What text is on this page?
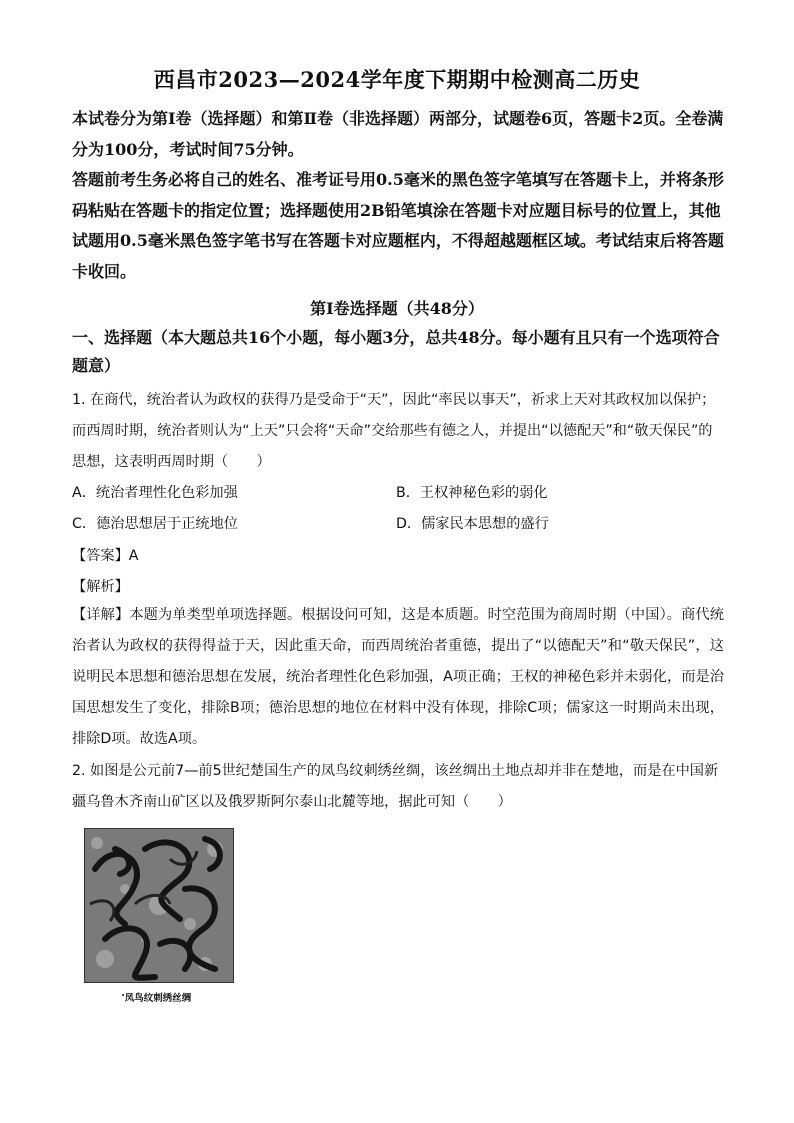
西昌市2023—2024学年度下期期中检测高二历史

本试卷分为第Ⅰ卷（选择题）和第Ⅱ卷（非选择题）两部分，试题卷6页，答题卡2页。全卷满分为100分，考试时间75分钟。

答题前考生务必将自己的姓名、准考证号用0.5毫米的黑色签字笔填写在答题卡上，并将条形码粘贴在答题卡的指定位置；选择题使用2B铅笔填涂在答题卡对应题目标号的位置上，其他试题用0.5毫米黑色签字笔书写在答题卡对应题框内，不得超越题框区域。考试结束后将答题卡收回。

第Ⅰ卷选择题（共48分）
一、选择题（本大题总共16个小题，每小题3分，总共48分。每小题有且只有一个选项符合题意）

1. 在商代，统治者认为政权的获得乃是受命于“天”，因此“率民以事天”，祈求上天对其政权加以保护；而西周时期，统治者则认为“上天”只会将“天命”交给那些有德之人，并提出“以德配天”和“敬天保民”的思想，这表明西周时期（　　）

A．统治者理性化色彩加强	B．王权神秘色彩的弱化
C．德治思想居于正统地位	D．儒家民本思想的盛行
【答案】A
【解析】
【详解】本题为单类型单项选择题。根据设问可知，这是本质题。时空范围为商周时期（中国）。商代统治者认为政权的获得得益于天，因此重天命，而西周统治者重德，提出了“以德配天”和“敬天保民”，这说明民本思想和德治思想在发展，统治者理性化色彩加强，A项正确；王权的神秘色彩并未弱化，而是治国思想发生了变化，排除B项；德治思想的地位在材料中没有体现，排除C项；儒家这一时期尚未出现，排除D项。故选A项。

2. 如图是公元前7—前5世纪楚国生产的凤鸟纹刺绣丝绸，该丝绸出土地点却并非在楚地，而是在中国新疆乌鲁木齐南山矿区以及俄罗斯阿尔泰山北麓等地，据此可知（　　）

凤鸟纹刺绣丝绸
